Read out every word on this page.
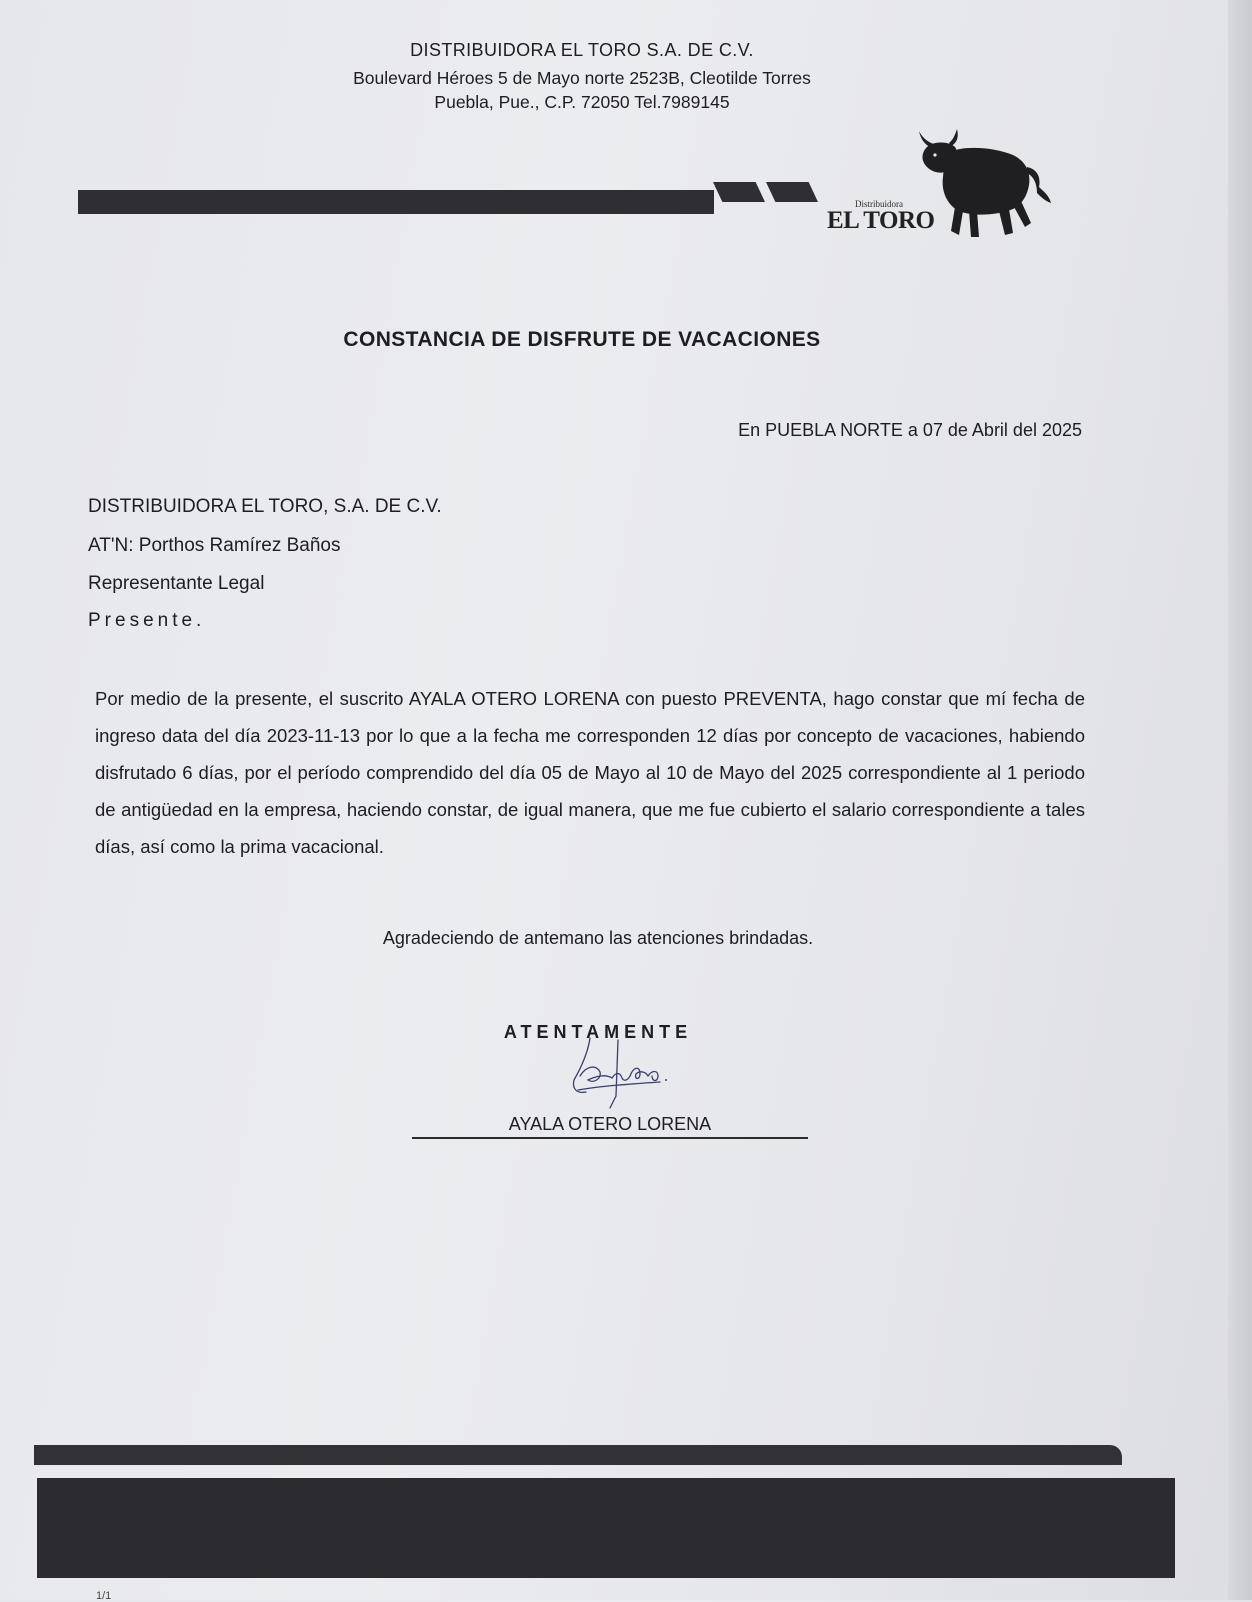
DISTRIBUIDORA EL TORO S.A. DE C.V.
Boulevard Héroes 5 de Mayo norte 2523B, Cleotilde Torres
Puebla, Pue., C.P. 72050 Tel.7989145
Distribuidora
EL TORO
CONSTANCIA DE DISFRUTE DE VACACIONES
En PUEBLA NORTE a 07 de Abril del 2025
DISTRIBUIDORA EL TORO, S.A. DE C.V.
AT'N: Porthos Ramírez Baños
Representante Legal
Presente.
Por medio de la presente, el suscrito AYALA OTERO LORENA con puesto PREVENTA, hago constar que mí fecha de ingreso data del día 2023-11-13 por lo que a la fecha me corresponden 12 días por concepto de vacaciones, habiendo disfrutado 6 días, por el período comprendido del día 05 de Mayo al 10 de Mayo del 2025 correspondiente al 1 periodo de antigüedad en la empresa, haciendo constar, de igual manera, que me fue cubierto el salario correspondiente a tales días, así como la prima vacacional.
Agradeciendo de antemano las atenciones brindadas.
ATENTAMENTE
AYALA OTERO LORENA
1/1
